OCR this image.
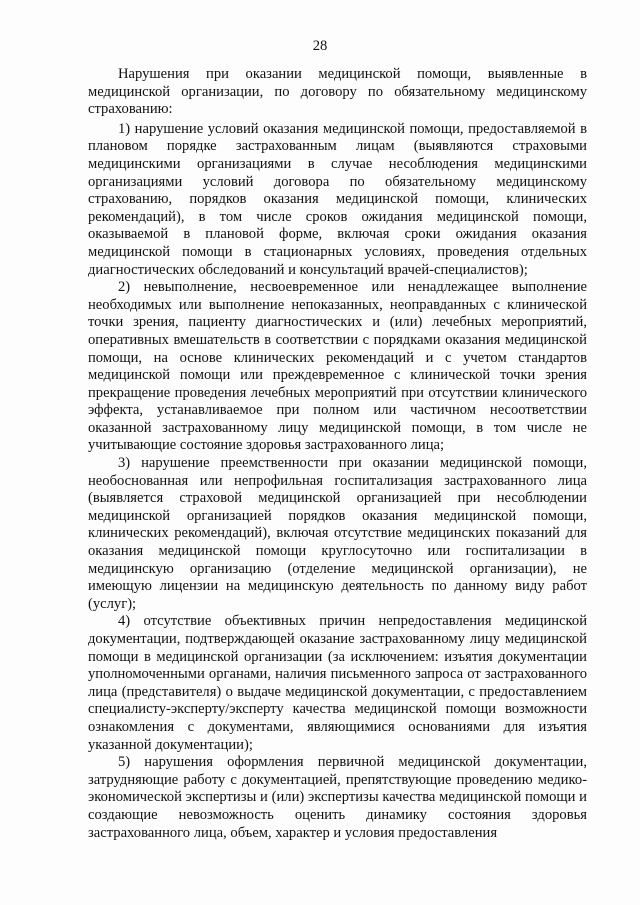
28

Нарушения при оказании медицинской помощи, выявленные в медицинской организации, по договору по обязательному медицинскому страхованию:

1) нарушение условий оказания медицинской помощи, предоставляемой в плановом порядке застрахованным лицам (выявляются страховыми медицинскими организациями в случае несоблюдения медицинскими организациями условий договора по обязательному медицинскому страхованию, порядков оказания медицинской помощи, клинических рекомендаций), в том числе сроков ожидания медицинской помощи, оказываемой в плановой форме, включая сроки ожидания оказания медицинской помощи в стационарных условиях, проведения отдельных диагностических обследований и консультаций врачей-специалистов);

2) невыполнение, несвоевременное или ненадлежащее выполнение необходимых или выполнение непоказанных, неоправданных с клинической точки зрения, пациенту диагностических и (или) лечебных мероприятий, оперативных вмешательств в соответствии с порядками оказания медицинской помощи, на основе клинических рекомендаций и с учетом стандартов медицинской помощи или преждевременное с клинической точки зрения прекращение проведения лечебных мероприятий при отсутствии клинического эффекта, устанавливаемое при полном или частичном несоответствии оказанной застрахованному лицу медицинской помощи, в том числе не учитывающие состояние здоровья застрахованного лица;

3) нарушение преемственности при оказании медицинской помощи, необоснованная или непрофильная госпитализация застрахованного лица (выявляется страховой медицинской организацией при несоблюдении медицинской организацией порядков оказания медицинской помощи, клинических рекомендаций), включая отсутствие медицинских показаний для оказания медицинской помощи круглосуточно или госпитализации в медицинскую организацию (отделение медицинской организации), не имеющую лицензии на медицинскую деятельность по данному виду работ (услуг);

4) отсутствие объективных причин непредоставления медицинской документации, подтверждающей оказание застрахованному лицу медицинской помощи в медицинской организации (за исключением: изъятия документации уполномоченными органами, наличия письменного запроса от застрахованного лица (представителя) о выдаче медицинской документации, с предоставлением специалисту-эксперту/эксперту качества медицинской помощи возможности ознакомления с документами, являющимися основаниями для изъятия указанной документации);

5) нарушения оформления первичной медицинской документации, затрудняющие работу с документацией, препятствующие проведению медико-экономической экспертизы и (или) экспертизы качества медицинской помощи и создающие невозможность оценить динамику состояния здоровья застрахованного лица, объем, характер и условия предоставления
